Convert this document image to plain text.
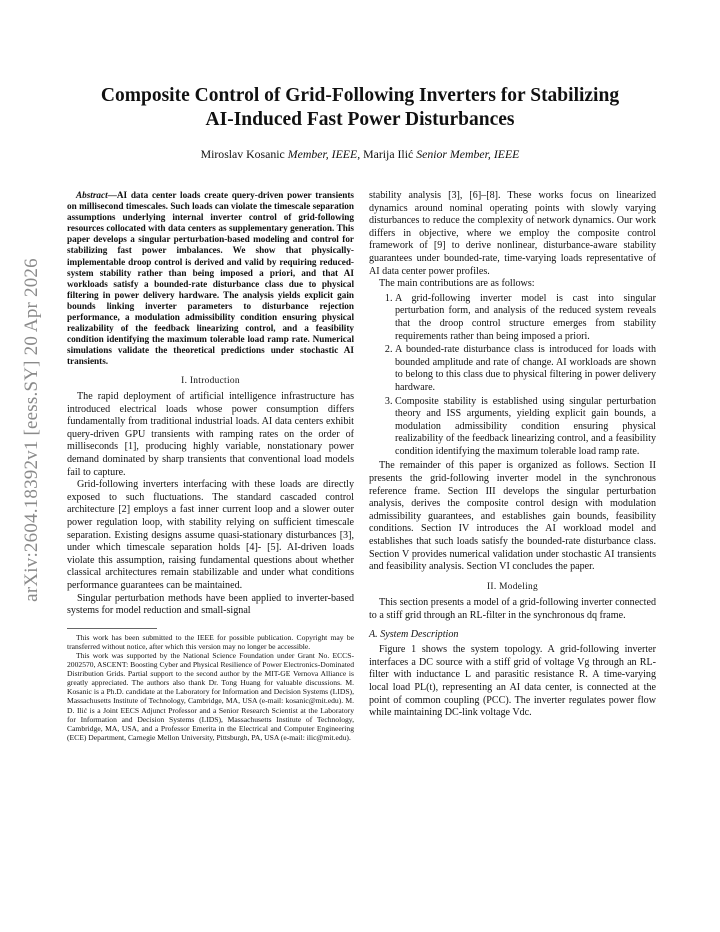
arXiv:2604.18392v1 [eess.SY] 20 Apr 2026
Composite Control of Grid-Following Inverters for Stabilizing
AI-Induced Fast Power Disturbances
Miroslav Kosanic Member, IEEE, Marija Ilić Senior Member, IEEE

Abstract—AI data center loads create query-driven power transients on millisecond timescales. Such loads can violate the timescale separation assumptions underlying internal inverter control of grid-following resources collocated with data centers as supplementary generation. This paper develops a singular perturbation-based modeling and control for stabilizing fast power imbalances. We show that physically-implementable droop control is derived and valid by requiring reduced-system stability rather than being imposed a priori, and that AI workloads satisfy a bounded-rate disturbance class due to physical filtering in power delivery hardware. The analysis yields explicit gain bounds linking inverter parameters to disturbance rejection performance, a modulation admissibility condition ensuring physical realizability of the feedback linearizing control, and a feasibility condition identifying the maximum tolerable load ramp rate. Numerical simulations validate the theoretical predictions under stochastic AI transients.

I. Introduction

The rapid deployment of artificial intelligence infrastructure has introduced electrical loads whose power consumption differs fundamentally from traditional industrial loads. AI data centers exhibit query-driven GPU transients with ramping rates on the order of milliseconds [1], producing highly variable, nonstationary power demand dominated by sharp transients that conventional load models fail to capture.

Grid-following inverters interfacing with these loads are directly exposed to such fluctuations. The standard cascaded control architecture [2] employs a fast inner current loop and a slower outer power regulation loop, with stability relying on sufficient timescale separation. Existing designs assume quasi-stationary disturbances [3], under which timescale separation holds [4]- [5]. AI-driven loads violate this assumption, raising fundamental questions about whether classical architectures remain stabilizable and under what conditions performance guarantees can be maintained.

Singular perturbation methods have been applied to inverter-based systems for model reduction and small-signal

This work has been submitted to the IEEE for possible publication. Copyright may be transferred without notice, after which this version may no longer be accessible.

This work was supported by the National Science Foundation under Grant No. ECCS-2002570, ASCENT: Boosting Cyber and Physical Resilience of Power Electronics-Dominated Distribution Grids. Partial support to the second author by the MIT-GE Vernova Alliance is greatly appreciated. The authors also thank Dr. Tong Huang for valuable discussions. M. Kosanic is a Ph.D. candidate at the Laboratory for Information and Decision Systems (LIDS), Massachusetts Institute of Technology, Cambridge, MA, USA (e-mail: kosanic@mit.edu). M. D. Ilić is a Joint EECS Adjunct Professor and a Senior Research Scientist at the Laboratory for Information and Decision Systems (LIDS), Massachusetts Institute of Technology, Cambridge, MA, USA, and a Professor Emerita in the Electrical and Computer Engineering (ECE) Department, Carnegie Mellon University, Pittsburgh, PA, USA (e-mail: ilic@mit.edu).

stability analysis [3], [6]–[8]. These works focus on linearized dynamics around nominal operating points with slowly varying disturbances to reduce the complexity of network dynamics. Our work differs in objective, where we employ the composite control framework of [9] to derive nonlinear, disturbance-aware stability guarantees under bounded-rate, time-varying loads representative of AI data center power profiles.

The main contributions are as follows:

1. A grid-following inverter model is cast into singular perturbation form, and analysis of the reduced system reveals that the droop control structure emerges from stability requirements rather than being imposed a priori.
2. A bounded-rate disturbance class is introduced for loads with bounded amplitude and rate of change. AI workloads are shown to belong to this class due to physical filtering in power delivery hardware.
3. Composite stability is established using singular perturbation theory and ISS arguments, yielding explicit gain bounds, a modulation admissibility condition ensuring physical realizability of the feedback linearizing control, and a feasibility condition identifying the maximum tolerable load ramp rate.

The remainder of this paper is organized as follows. Section II presents the grid-following inverter model in the synchronous reference frame. Section III develops the singular perturbation analysis, derives the composite control design with modulation admissibility guarantees, and establishes gain bounds, feasibility conditions. Section IV introduces the AI workload model and establishes that such loads satisfy the bounded-rate disturbance class. Section V provides numerical validation under stochastic AI transients and feasibility analysis. Section VI concludes the paper.

II. Modeling

This section presents a model of a grid-following inverter connected to a stiff grid through an RL-filter in the synchronous dq frame.

A. System Description

Figure 1 shows the system topology. A grid-following inverter interfaces a DC source with a stiff grid of voltage Vg through an RL-filter with inductance L and parasitic resistance R. A time-varying local load PL(t), representing an AI data center, is connected at the point of common coupling (PCC). The inverter regulates power flow while maintaining DC-link voltage Vdc.
